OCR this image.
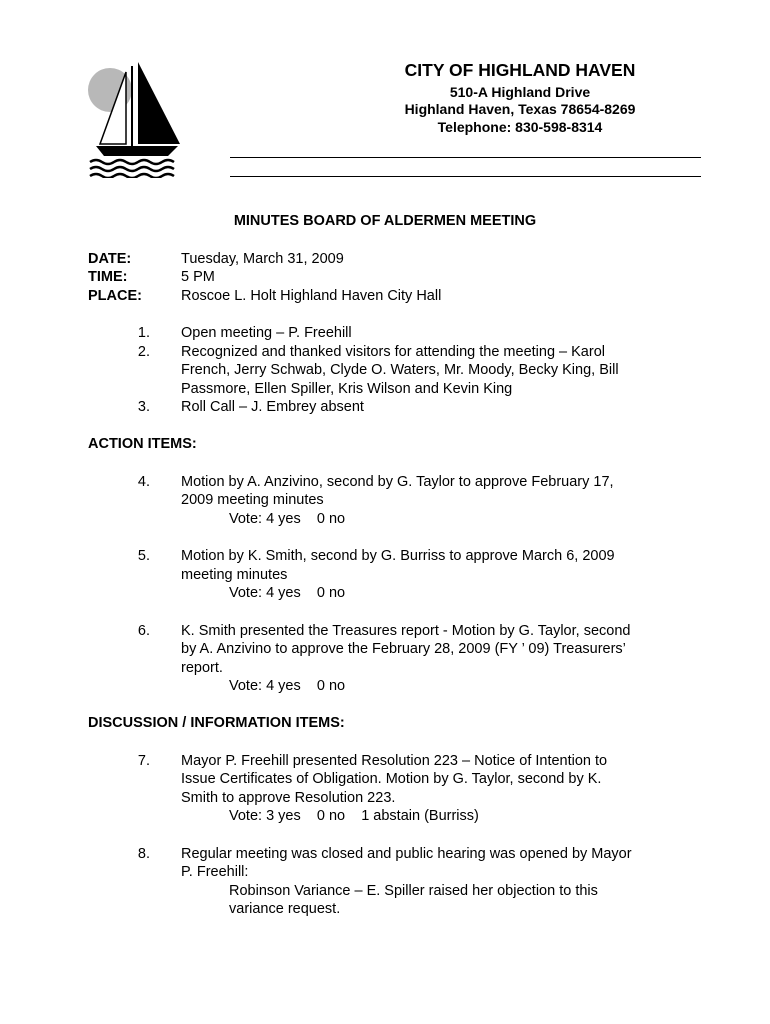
CITY OF HIGHLAND HAVEN
510-A Highland Drive
Highland Haven, Texas 78654-8269
Telephone: 830-598-8314
MINUTES BOARD OF ALDERMEN MEETING
DATE:	Tuesday, March 31, 2009
TIME:	5 PM
PLACE:	Roscoe L. Holt Highland Haven City Hall
1. Open meeting – P. Freehill
2. Recognized and thanked visitors for attending the meeting – Karol
French, Jerry Schwab, Clyde O. Waters, Mr. Moody, Becky King, Bill
Passmore, Ellen Spiller, Kris Wilson and Kevin King
3. Roll Call – J. Embrey absent
ACTION ITEMS:
4. Motion by A. Anzivino, second by G. Taylor to approve February 17,
2009 meeting minutes
Vote: 4 yes    0 no
5. Motion by K. Smith, second by G. Burriss to approve March 6, 2009
meeting minutes
Vote: 4 yes    0 no
6. K. Smith presented the Treasures report - Motion by G. Taylor, second
by A. Anzivino to approve the February 28, 2009 (FY ’ 09) Treasurers’
report.
Vote: 4 yes    0 no
DISCUSSION / INFORMATION ITEMS:
7. Mayor P. Freehill presented Resolution 223 – Notice of Intention to
Issue Certificates of Obligation. Motion by G. Taylor, second by K.
Smith to approve Resolution 223.
Vote: 3 yes    0 no    1 abstain (Burriss)
8. Regular meeting was closed and public hearing was opened by Mayor
P. Freehill:
Robinson Variance – E. Spiller raised her objection to this
variance request.
